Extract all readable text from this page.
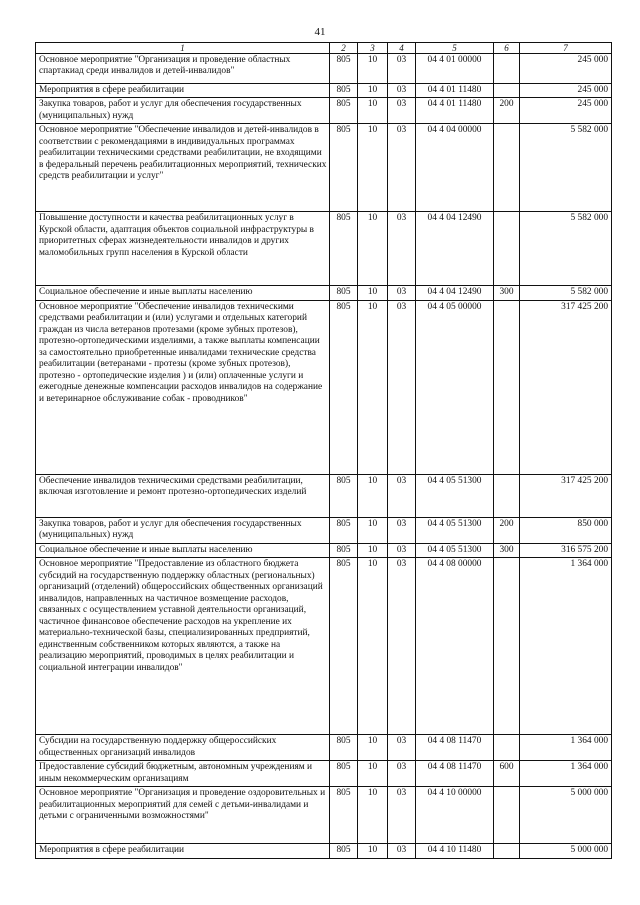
41
1	2	3	4	5	6	7
Основное мероприятие "Организация и проведение областных спартакиад среди инвалидов и детей-инвалидов"	805	10	03	04 4 01 00000		245 000
Мероприятия в сфере реабилитации	805	10	03	04 4 01 11480		245 000
Закупка товаров, работ и услуг для обеспечения государственных (муниципальных) нужд	805	10	03	04 4 01 11480	200	245 000
Основное мероприятие "Обеспечение инвалидов и детей-инвалидов в соответствии с рекомендациями в индивидуальных программах реабилитации техническими средствами реабилитации, не входящими в федеральный перечень реабилитационных мероприятий, технических средств реабилитации и услуг"	805	10	03	04 4 04 00000		5 582 000
Повышение доступности и качества реабилитационных услуг в Курской области, адаптация объектов социальной инфраструктуры в приоритетных сферах жизнедеятельности инвалидов и других маломобильных групп населения в Курской области	805	10	03	04 4 04 12490		5 582 000
Социальное обеспечение и иные выплаты населению	805	10	03	04 4 04 12490	300	5 582 000
Основное мероприятие "Обеспечение инвалидов техническими средствами реабилитации и (или) услугами и отдельных категорий граждан из числа ветеранов протезами (кроме зубных протезов), протезно-ортопедическими изделиями, а также выплаты компенсации за самостоятельно приобретенные инвалидами технические средства реабилитации (ветеранами - протезы (кроме зубных протезов), протезно - ортопедические изделия ) и (или) оплаченные услуги и ежегодные денежные компенсации расходов инвалидов на содержание и ветеринарное обслуживание собак - проводников"	805	10	03	04 4 05 00000		317 425 200
Обеспечение инвалидов техническими средствами реабилитации, включая изготовление и ремонт протезно-ортопедических изделий	805	10	03	04 4 05 51300		317 425 200
Закупка товаров, работ и услуг для обеспечения государственных (муниципальных) нужд	805	10	03	04 4 05 51300	200	850 000
Социальное обеспечение и иные выплаты населению	805	10	03	04 4 05 51300	300	316 575 200
Основное мероприятие "Предоставление из областного бюджета субсидий на государственную поддержку областных (региональных) организаций (отделений) общероссийских общественных организаций инвалидов, направленных на частичное возмещение расходов, связанных с осуществлением уставной деятельности организаций, частичное финансовое обеспечение расходов на укрепление их материально-технической базы, специализированных предприятий, единственным собственником которых являются, а также на реализацию мероприятий, проводимых в целях реабилитации и социальной интеграции инвалидов"	805	10	03	04 4 08 00000		1 364 000
Субсидии на государственную поддержку общероссийских общественных организаций инвалидов	805	10	03	04 4 08 11470		1 364 000
Предоставление субсидий бюджетным, автономным учреждениям и иным некоммерческим организациям	805	10	03	04 4 08 11470	600	1 364 000
Основное мероприятие "Организация и проведение оздоровительных и реабилитационных мероприятий для семей с детьми-инвалидами и детьми с ограниченными возможностями"	805	10	03	04 4 10 00000		5 000 000
Мероприятия в сфере реабилитации	805	10	03	04 4 10 11480		5 000 000
